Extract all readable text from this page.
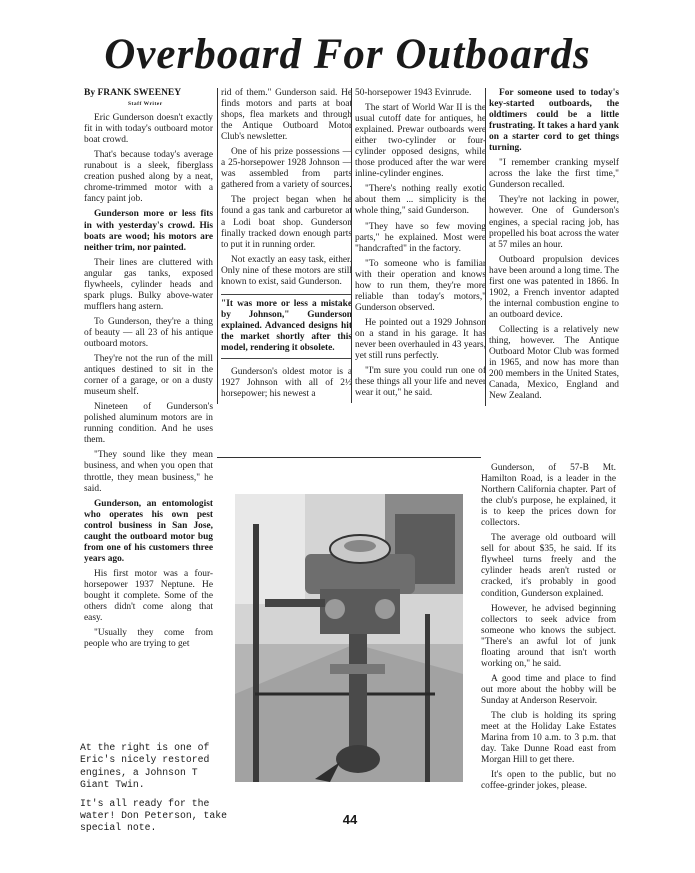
Overboard For Outboards

By FRANK SWEENEY

Staff Writer

Eric Gunderson doesn't exactly fit in with today's outboard motor boat crowd.

That's because today's average runabout is a sleek, fiberglass creation pushed along by a neat, chrome-trimmed motor with a fancy paint job.

Gunderson more or less fits in with yesterday's crowd. His boats are wood; his motors are neither trim, nor painted.

Their lines are cluttered with angular gas tanks, exposed flywheels, cylinder heads and spark plugs. Bulky above-water mufflers hang astern.

To Gunderson, they're a thing of beauty — all 23 of his antique outboard motors.

They're not the run of the mill antiques destined to sit in the corner of a garage, or on a dusty museum shelf.

Nineteen of Gunderson's polished aluminum motors are in running condition. And he uses them.

"They sound like they mean business, and when you open that throttle, they mean business," he said.

Gunderson, an entomologist who operates his own pest control business in San Jose, caught the outboard motor bug from one of his customers three years ago.

His first motor was a four-horsepower 1937 Neptune. He bought it complete. Some of the others didn't come along that easy.

"Usually they come from people who are trying to get

rid of them." Gunderson said. He finds motors and parts at boat shops, flea markets and through the Antique Outboard Motor Club's newsletter.

One of his prize possessions — a 25-horsepower 1928 Johnson — was assembled from parts gathered from a variety of sources.

The project began when he found a gas tank and carburetor at a Lodi boat shop. Gunderson finally tracked down enough parts to put it in running order.

Not exactly an easy task, either. Only nine of these motors are still known to exist, said Gunderson.

"It was more or less a mistake by Johnson," Gunderson explained. Advanced designs hit the market shortly after this model, rendering it obsolete.

Gunderson's oldest motor is a 1927 Johnson with all of 2½ horsepower; his newest a

50-horsepower 1943 Evinrude.

The start of World War II is the usual cutoff date for antiques, he explained. Prewar outboards were either two-cylinder or four-cylinder opposed designs, while those produced after the war were inline-cylinder engines.

"There's nothing really exotic about them ... simplicity is the whole thing," said Gunderson.

"They have so few moving parts," he explained. Most were "handcrafted" in the factory.

"To someone who is familiar with their operation and knows how to run them, they're more reliable than today's motors," Gunderson observed.

He pointed out a 1929 Johnson on a stand in his garage. It has never been overhauled in 43 years, yet still runs perfectly.

"I'm sure you could run one of these things all your life and never wear it out," he said.

For someone used to today's key-started outboards, the oldtimers could be a little frustrating. It takes a hard yank on a starter cord to get things turning.

"I remember cranking myself across the lake the first time," Gunderson recalled.

They're not lacking in power, however. One of Gunderson's engines, a special racing job, has propelled his boat across the water at 57 miles an hour.

Outboard propulsion devices have been around a long time. The first one was patented in 1866. In 1902, a French inventor adapted the internal combustion engine to an outboard device.

Collecting is a relatively new thing, however. The Antique Outboard Motor Club was formed in 1965, and now has more than 200 members in the United States, Canada, Mexico, England and New Zealand.

Gunderson, of 57-B Mt. Hamilton Road, is a leader in the Northern California chapter. Part of the club's purpose, he explained, it is to keep the prices down for collectors.

The average old outboard will sell for about $35, he said. If its flywheel turns freely and the cylinder heads aren't rusted or cracked, it's probably in good condition, Gunderson explained.

However, he advised beginning collectors to seek advice from someone who knows the subject. "There's an awful lot of junk floating around that isn't worth working on," he said.

A good time and place to find out more about the hobby will be Sunday at Anderson Reservoir.

The club is holding its spring meet at the Holiday Lake Estates Marina from 10 a.m. to 3 p.m. that day. Take Dunne Road east from Morgan Hill to get there.

It's open to the public, but no coffee-grinder jokes, please.

At the right is one of Eric's nicely restored engines, a Johnson T Giant Twin.

It's all ready for the water! Don Peterson, take special note.

44
